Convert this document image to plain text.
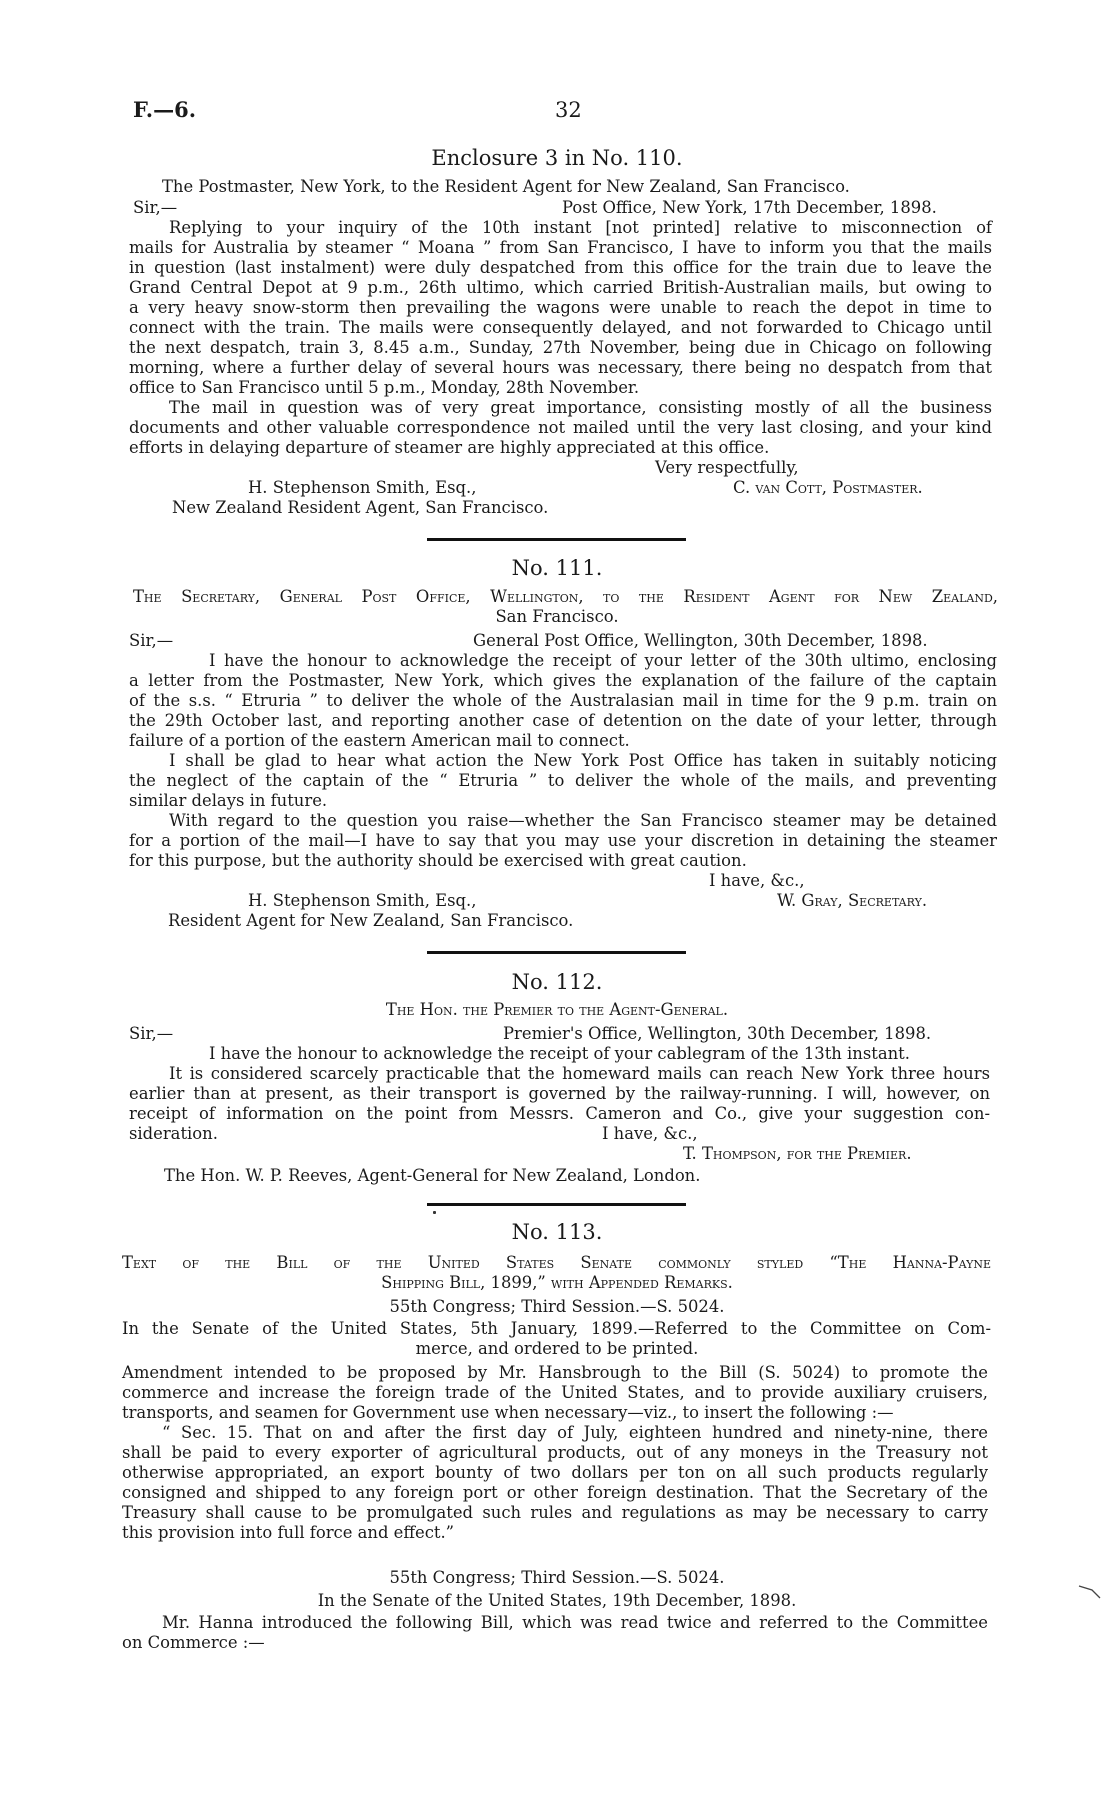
F.—6.	32
Enclosure 3 in No. 110.
The Postmaster, New York, to the Resident Agent for New Zealand, San Francisco.
Sir,—	Post Office, New York, 17th December, 1898.
Replying to your inquiry of the 10th instant [not printed] relative to misconnection of
mails for Australia by steamer “ Moana ” from San Francisco, I have to inform you that the mails
in question (last instalment) were duly despatched from this office for the train due to leave the
Grand Central Depot at 9 p.m., 26th ultimo, which carried British-Australian mails, but owing to
a very heavy snow-storm then prevailing the wagons were unable to reach the depot in time to
connect with the train. The mails were consequently delayed, and not forwarded to Chicago until
the next despatch, train 3, 8.45 a.m., Sunday, 27th November, being due in Chicago on following
morning, where a further delay of several hours was necessary, there being no despatch from that
office to San Francisco until 5 p.m., Monday, 28th November.
The mail in question was of very great importance, consisting mostly of all the business
documents and other valuable correspondence not mailed until the very last closing, and your kind
efforts in delaying departure of steamer are highly appreciated at this office.
Very respectfully,
H. Stephenson Smith, Esq.,	C. van Cott, Postmaster.
New Zealand Resident Agent, San Francisco.
No. 111.
The Secretary, General Post Office, Wellington, to the Resident Agent for New Zealand,
San Francisco.
Sir,—	General Post Office, Wellington, 30th December, 1898.
I have the honour to acknowledge the receipt of your letter of the 30th ultimo, enclosing
a letter from the Postmaster, New York, which gives the explanation of the failure of the captain
of the s.s. “ Etruria ” to deliver the whole of the Australasian mail in time for the 9 p.m. train on
the 29th October last, and reporting another case of detention on the date of your letter, through
failure of a portion of the eastern American mail to connect.
I shall be glad to hear what action the New York Post Office has taken in suitably noticing
the neglect of the captain of the “ Etruria ” to deliver the whole of the mails, and preventing
similar delays in future.
With regard to the question you raise—whether the San Francisco steamer may be detained
for a portion of the mail—I have to say that you may use your discretion in detaining the steamer
for this purpose, but the authority should be exercised with great caution.
I have, &c.,
H. Stephenson Smith, Esq.,	W. Gray, Secretary.
Resident Agent for New Zealand, San Francisco.
No. 112.
The Hon. the Premier to the Agent-General.
Sir,—	Premier's Office, Wellington, 30th December, 1898.
I have the honour to acknowledge the receipt of your cablegram of the 13th instant.
It is considered scarcely practicable that the homeward mails can reach New York three hours
earlier than at present, as their transport is governed by the railway-running. I will, however, on
receipt of information on the point from Messrs. Cameron and Co., give your suggestion con-
sideration.	I have, &c.,
T. Thompson, for the Premier.
The Hon. W. P. Reeves, Agent-General for New Zealand, London.
No. 113.
Text of the Bill of the United States Senate commonly styled “The Hanna-Payne
Shipping Bill, 1899,” with Appended Remarks.
55th Congress; Third Session.—S. 5024.
In the Senate of the United States, 5th January, 1899.—Referred to the Committee on Com-
merce, and ordered to be printed.
Amendment intended to be proposed by Mr. Hansbrough to the Bill (S. 5024) to promote the
commerce and increase the foreign trade of the United States, and to provide auxiliary cruisers,
transports, and seamen for Government use when necessary—viz., to insert the following :—
“ Sec. 15. That on and after the first day of July, eighteen hundred and ninety-nine, there
shall be paid to every exporter of agricultural products, out of any moneys in the Treasury not
otherwise appropriated, an export bounty of two dollars per ton on all such products regularly
consigned and shipped to any foreign port or other foreign destination. That the Secretary of the
Treasury shall cause to be promulgated such rules and regulations as may be necessary to carry
this provision into full force and effect.”
55th Congress; Third Session.—S. 5024.
In the Senate of the United States, 19th December, 1898.
Mr. Hanna introduced the following Bill, which was read twice and referred to the Committee
on Commerce :—
